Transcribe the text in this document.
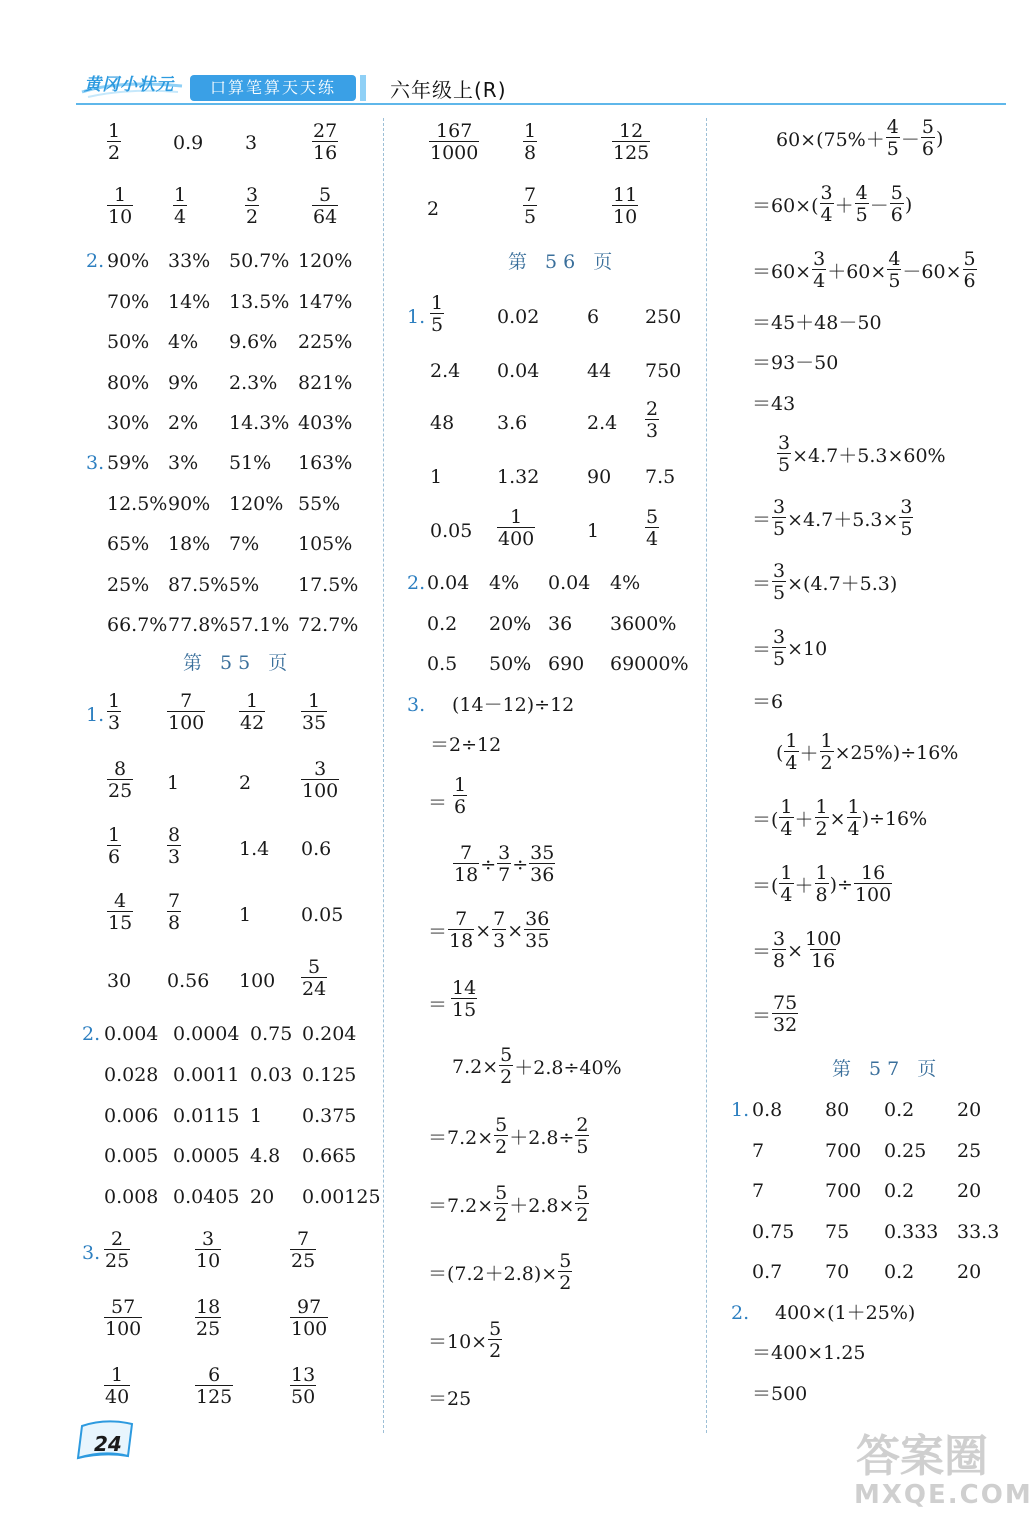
黄冈小状元	口算笔算天天练	六年级上(R)
$\frac{1}{2}$	0.9 3	$\frac{27}{16}$
$\frac{1}{10} \frac{1}{4}$	$\frac{3}{2}$	$\frac{5}{64}$
2. 90% 33% 50.7% 120%
70% 14% 13.5% 147%
50% 4% 9.6% 225%
80% 9% 2.3% 821%
30% 2% 14.3% 403%
3. 59% 3% 51% 163%
12.5% 90% 120% 55%
65% 18% 7% 105%
25% 87.5% 5% 17.5%
66.7% 77.8% 57.1% 72.7%
第 55 页
1. $\frac{1}{3} \frac{7}{100} \frac{1}{42} \frac{1}{35}$
$\frac{8}{25} 1$	2	$\frac{3}{100}$
$\frac{1}{6} \frac{8}{3}$	1.4 0.6
$\frac{4}{15} \frac{7}{8}$	1	0.05
30 0.56 $100 \frac{5}{24}$
2. 0.004 0.0004 0.75 0.204
0.028 0.0011 0.03 0.125
0.006 0.0115 1 0.375
0.005 0.0005 4.8 0.665
0.008 0.0405 20 0.00125
3. $\frac{2}{25}$	$\frac{3}{10}$	$\frac{7}{25}$
$\frac{57}{100}$	$\frac{18}{25}$	$\frac{97}{100}$
$\frac{1}{40}$	$\frac{6}{125}$	$\frac{13}{50}$
$\frac{167}{1000} \frac{1}{8}$	$\frac{12}{125}$
2	$\frac{7}{5}$	$\frac{11}{10}$
第 56 页
1. $\frac{1}{5}$	0.02	6 250
2.4 0.04	44 750
48 3.6	$2.4 \frac{2}{3}$
1	1.32	90 7.5
$0.05 \frac{1}{400}$	$1 \frac{5}{4}$
2. 0.04 4% 0.04 4%
0.2 20% 36 3600%
0.5 50% 690 69000%
3. (14－12)÷12
＝2÷12
＝ $\frac{1}{6}$
$\frac{7}{18} \div \frac{3}{7} \div \frac{35}{36}$
＝ $\frac{7}{18} \times \frac{7}{3} \times \frac{36}{35}$
＝ $\frac{14}{15}$
$7.2\times \frac{5}{2} +2.8\div 40\%$
$=7.2\times \frac{5}{2} +2.8\div \frac{2}{5}$
$=7.2\times \frac{5}{2} +2.8\times \frac{5}{2}$
$=(7.2+2.8)\times \frac{5}{2}$
$=10\times \frac{5}{2}$
＝25
$60\times(75\%+ \frac{4}{5} - \frac{5}{6}$ )
$=60\times( \frac{3}{4} + \frac{4}{5} - \frac{5}{6}$ )
$=60\times \frac{3}{4} +60\times \frac{4}{5} -60\times \frac{5}{6}$
＝45＋48－50
＝93－50
＝43
$\frac{3}{5} \times 4.7+5.3\times 60\%$
＝ $\frac{3}{5} \times 4.7+5.3\times \frac{3}{5}$
＝ $\frac{3}{5} \times(4.7+5.3)$
＝ $\frac{3}{5} \times 10$
＝6
( $\frac{1}{4} + \frac{1}{2} \times 25\%)\div 16\%$
＝( $\frac{1}{4} + \frac{1}{2} \times \frac{1}{4} )\div 16\%$
＝( $\frac{1}{4} + \frac{1}{8}$ )÷ $\frac{16}{100}$
＝ $\frac{3}{8} \times \frac{100}{16}$
＝ $\frac{75}{32}$
第 57 页
1. 0.8 80 0.2 20
7	700 0.25 25
7	700 0.2 20
0.75 75 0.333 33.3
0.7 70 0.2 20
2. 400×(1＋25%)
＝400×1.25
＝500
24	答案圈
MXQE.COM
